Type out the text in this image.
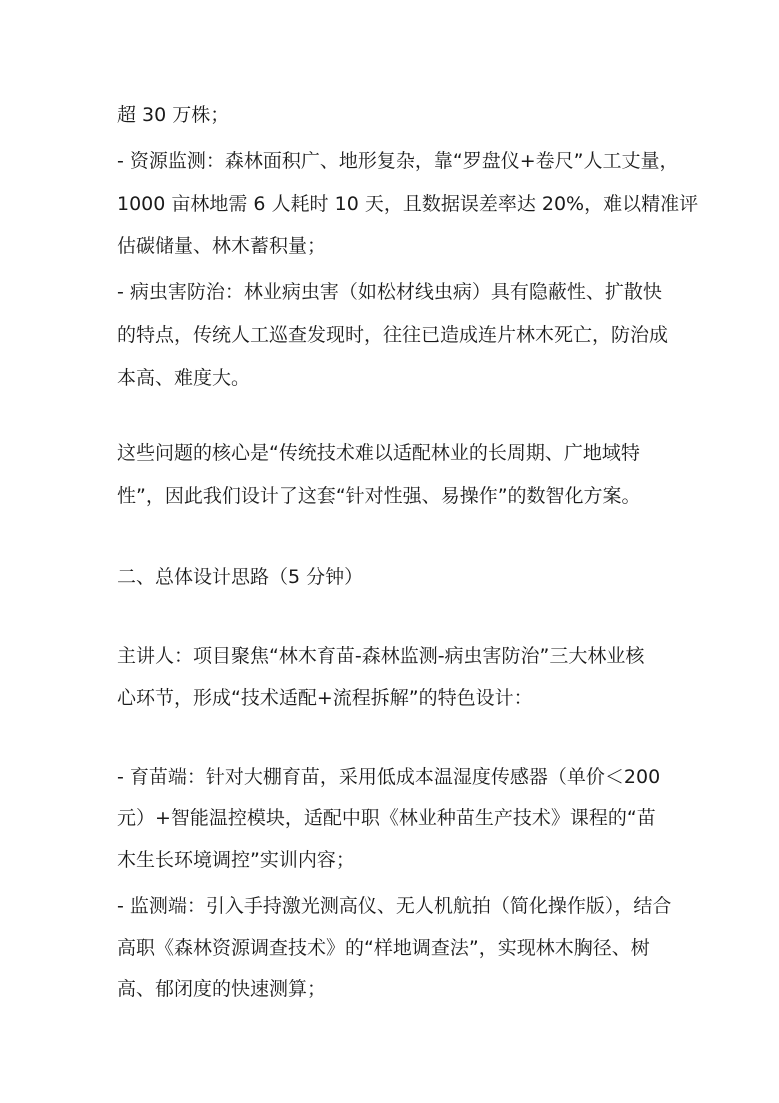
超 30 万株；
- 资源监测：森林面积广、地形复杂，靠“罗盘仪+卷尺”人工丈量，
1000 亩林地需 6 人耗时 10 天，且数据误差率达 20%，难以精准评
估碳储量、林木蓄积量；
- 病虫害防治：林业病虫害（如松材线虫病）具有隐蔽性、扩散快
的特点，传统人工巡查发现时，往往已造成连片林木死亡，防治成
本高、难度大。
这些问题的核心是“传统技术难以适配林业的长周期、广地域特
性”，因此我们设计了这套“针对性强、易操作”的数智化方案。
二、总体设计思路（5 分钟）
主讲人：项目聚焦“林木育苗-森林监测-病虫害防治”三大林业核
心环节，形成“技术适配+流程拆解”的特色设计：
- 育苗端：针对大棚育苗，采用低成本温湿度传感器（单价＜200
元）+智能温控模块，适配中职《林业种苗生产技术》课程的“苗
木生长环境调控”实训内容；
- 监测端：引入手持激光测高仪、无人机航拍（简化操作版），结合
高职《森林资源调查技术》的“样地调查法”，实现林木胸径、树
高、郁闭度的快速测算；
